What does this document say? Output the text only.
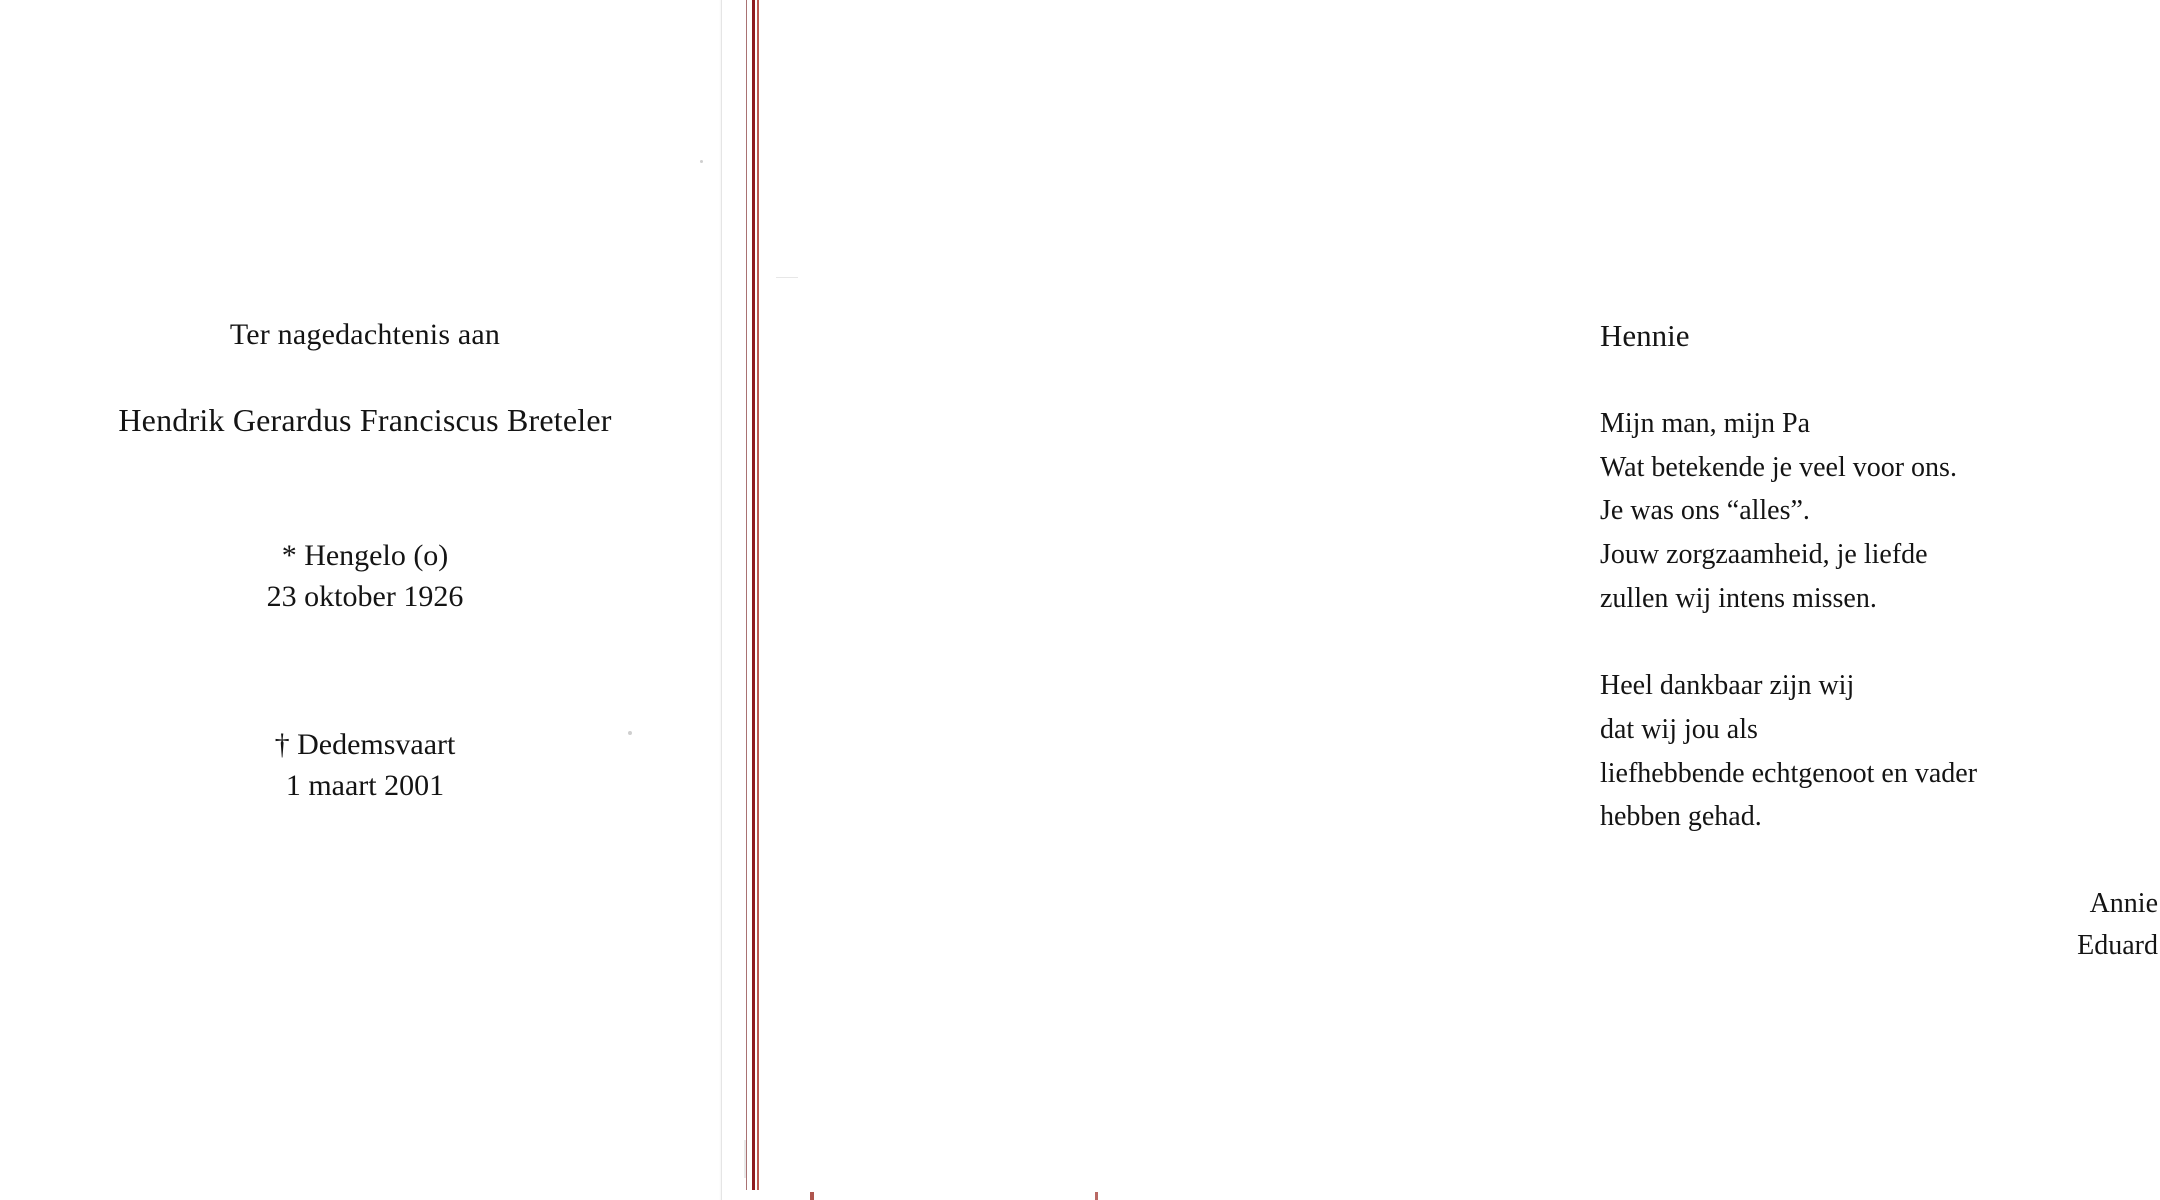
Ter nagedachtenis aan
Hendrik Gerardus Franciscus Breteler
* Hengelo (o)
23 oktober 1926
† Dedemsvaart
1 maart 2001
Hennie
Mijn man, mijn Pa
Wat betekende je veel voor ons.
Je was ons “alles”.
Jouw zorgzaamheid, je liefde
zullen wij intens missen.
Heel dankbaar zijn wij
dat wij jou als
liefhebbende echtgenoot en vader
hebben gehad.
Annie
Eduard
